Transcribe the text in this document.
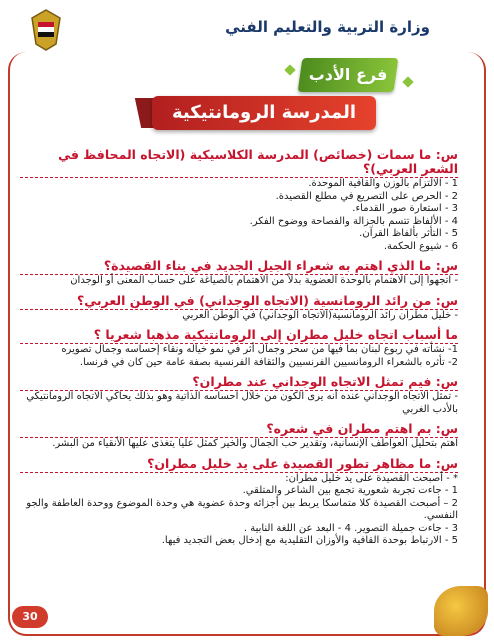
وزارة التربية والتعليم الفني
فرع الأدب
المدرسة الرومانتيكية
س: ما سمات (خصائص) المدرسة الكلاسيكية (الاتجاه المحافظ في الشعر العربي)؟
1 - الالتزام بالوزن والقافية الموحدة.
2 - الحرص على التصريع في مطلع القصيدة.
3 - استعارة صور القدماء.
4 - الألفاظ تتسم بالجزالة والفصاحة ووضوح الفكر.
5 - التأثر بألفاظ القرآن.
6 - شيوع الحكمة.
س: ما الذي اهتم به شعراء الجيل الجديد في بناء القصيدة؟
- اتجهوا إلى الاهتمام بالوحدة العضوية بدلاً من الاهتمام بالصياغة على حساب المعنى أو الوجدان
س: من رائد الرومانسية (الاتجاه الوجداني) في الوطن العربي؟
- خليل مطران رائد الرومانسية(الاتجاه الوجداني) في الوطن العربي
ما أسباب اتجاه خليل مطران إلى الرومانتيكية مذهبا شعريا ؟
1- نشأته في ربوع لبنان بما فيها من سحر وجمال أثر في نمو خياله ونقاء إحساسه وجمال تصويره
2- تأثره بالشعراء الرومانسيين الفرنسيين والثقافة الفرنسية بصفة عامة حين كان في فرنسا.
س: فيم تمثل الاتجاه الوجداني عند مطران؟
- تمثل الاتجاه الوجداني عنده أنه يرى الكون من خلال احساسه الذاتية وهو بذلك يحاكي الاتجاه الرومانتيكي بالأدب الغربي
س: بم اهتم مطران في شعره؟
اهتم بتحليل العواطف الإنسانية، وتقدير حب الجمال والخير كمثل عليا يتغذى عليها الأنقياء من البشر.
س: ما مظاهر تطور القصيدة على يد خليل مطران؟
* - أصبحت القصيدة على يد خليل مطران:
1 - جاءت تجربة شعورية تجمع بين الشاعر والمتلقي.
2 – أصبحت القصيدة كلا متماسكا يربط بين أجزائه وحدة عضوية هي وحدة الموضوع ووحدة العاطفة والجو النفسي.
3 - جاءت جميلة التصوير. 4 - البعد عن اللغة النابية .
5 - الارتباط بوحدة القافية والأوزان التقليدية مع إدخال بعض التجديد فيها.
30
